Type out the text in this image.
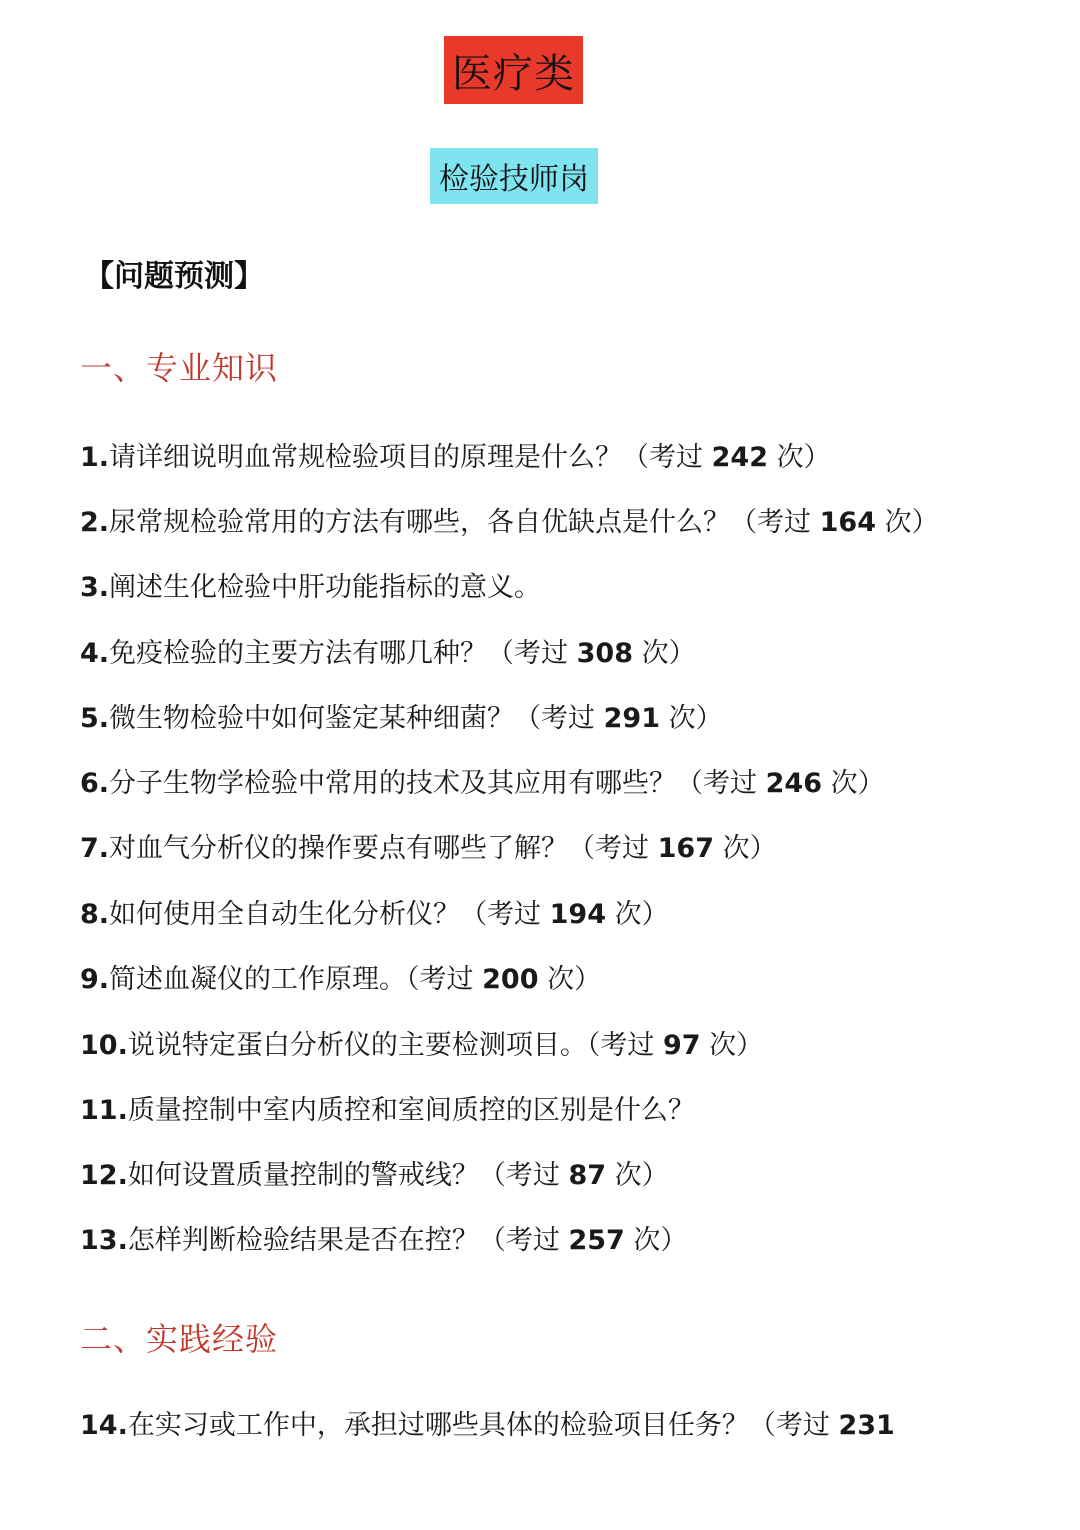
医疗类
检验技师岗
【问题预测】
一、专业知识
1.请详细说明血常规检验项目的原理是什么？（考过 242 次）
2.尿常规检验常用的方法有哪些，各自优缺点是什么？（考过 164 次）
3.阐述生化检验中肝功能指标的意义。
4.免疫检验的主要方法有哪几种？（考过 308 次）
5.微生物检验中如何鉴定某种细菌？（考过 291 次）
6.分子生物学检验中常用的技术及其应用有哪些？（考过 246 次）
7.对血气分析仪的操作要点有哪些了解？（考过 167 次）
8.如何使用全自动生化分析仪？（考过 194 次）
9.简述血凝仪的工作原理。（考过 200 次）
10.说说特定蛋白分析仪的主要检测项目。（考过 97 次）
11.质量控制中室内质控和室间质控的区别是什么？
12.如何设置质量控制的警戒线？（考过 87 次）
13.怎样判断检验结果是否在控？（考过 257 次）
二、实践经验
14.在实习或工作中，承担过哪些具体的检验项目任务？（考过 231
